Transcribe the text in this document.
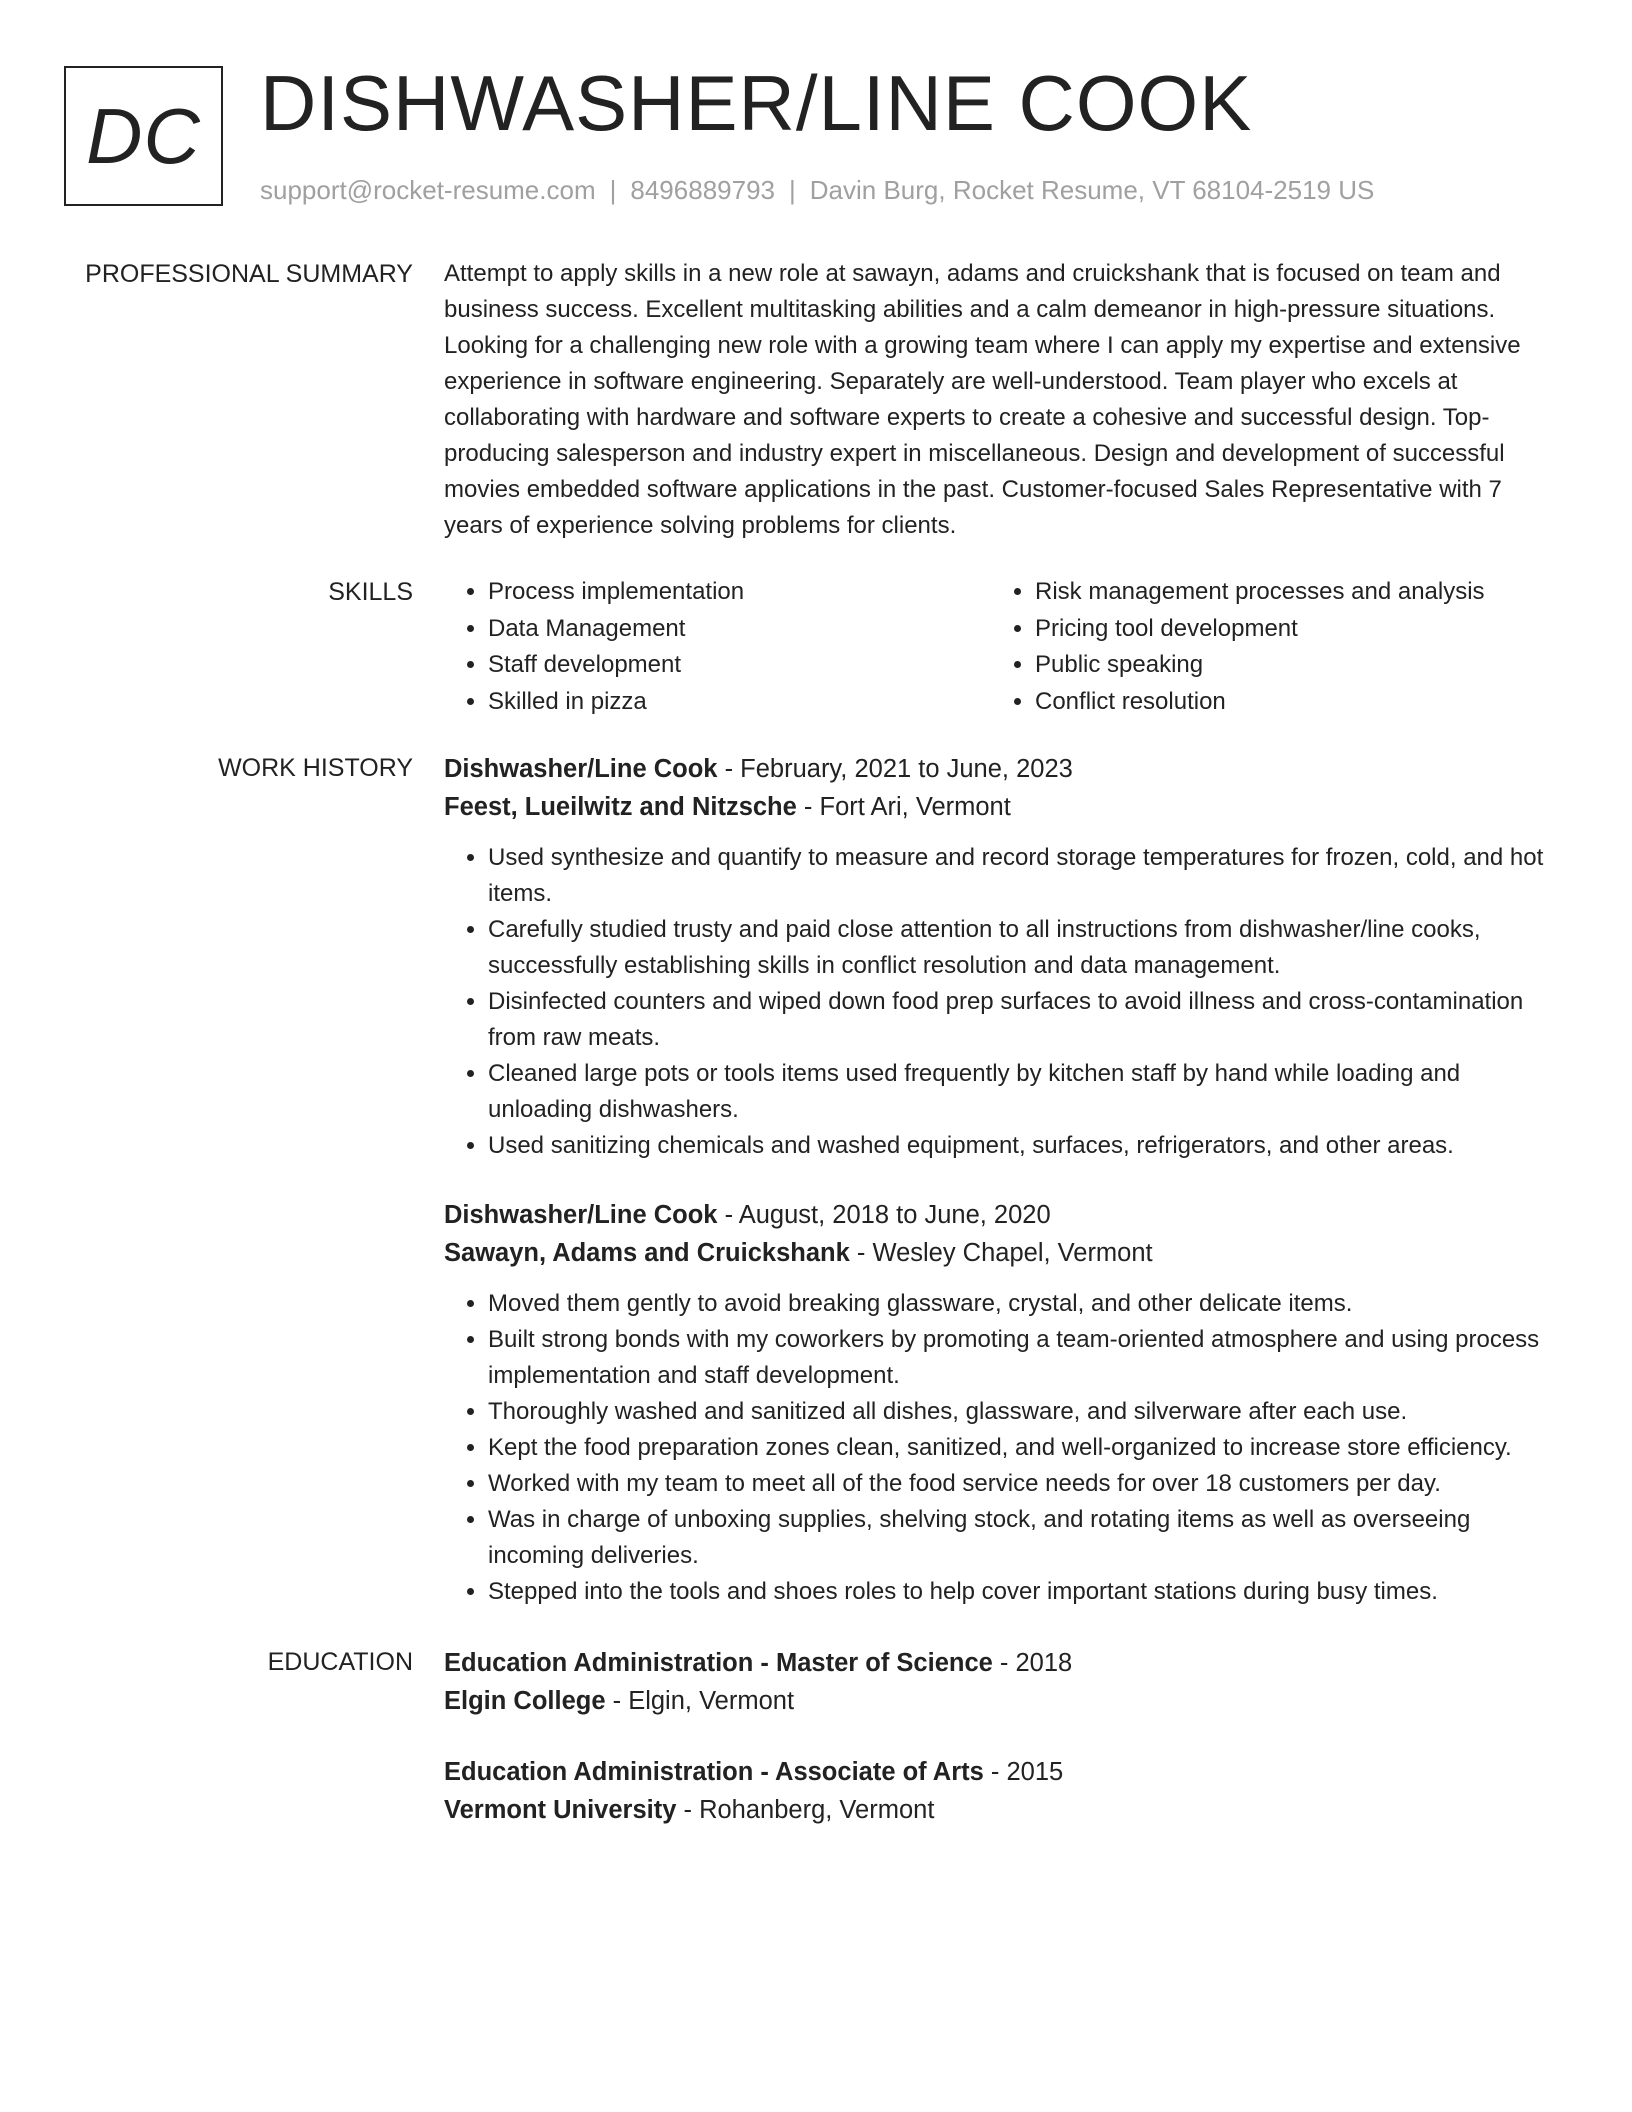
DC DISHWASHER/LINE COOK
support@rocket-resume.com | 8496889793 | Davin Burg, Rocket Resume, VT 68104-2519 US
PROFESSIONAL SUMMARY Attempt to apply skills in a new role at sawayn, adams and cruickshank that is focused on team and business success. Excellent multitasking abilities and a calm demeanor in high-pressure situations. Looking for a challenging new role with a growing team where I can apply my expertise and extensive experience in software engineering. Separately are well-understood. Team player who excels at collaborating with hardware and software experts to create a cohesive and successful design. Top-producing salesperson and industry expert in miscellaneous. Design and development of successful movies embedded software applications in the past. Customer-focused Sales Representative with 7 years of experience solving problems for clients.

SKILLS
•	Process implementation
• Data Management
• Staff development
• Skilled in pizza
• Risk management processes and analysis
• Pricing tool development
• Public speaking
• Conflict resolution
WORK HISTORY Dishwasher/Line Cook - February, 2021 to June, 2023
Feest, Lueilwitz and Nitzsche - Fort Ari, Vermont
• Used synthesize and quantify to measure and record storage temperatures for frozen, cold, and hot items.
• Carefully studied trusty and paid close attention to all instructions from dishwasher/line cooks, successfully establishing skills in conflict resolution and data management.
• Disinfected counters and wiped down food prep surfaces to avoid illness and cross-contamination from raw meats.
• Cleaned large pots or tools items used frequently by kitchen staff by hand while loading and unloading dishwashers.
• Used sanitizing chemicals and washed equipment, surfaces, refrigerators, and other areas.
Dishwasher/Line Cook - August, 2018 to June, 2020
Sawayn, Adams and Cruickshank - Wesley Chapel, Vermont
• Moved them gently to avoid breaking glassware, crystal, and other delicate items.
• Built strong bonds with my coworkers by promoting a team-oriented atmosphere and using process implementation and staff development.
• Thoroughly washed and sanitized all dishes, glassware, and silverware after each use.
• Kept the food preparation zones clean, sanitized, and well-organized to increase store efficiency.
• Worked with my team to meet all of the food service needs for over 18 customers per day.
• Was in charge of unboxing supplies, shelving stock, and rotating items as well as overseeing incoming deliveries.
• Stepped into the tools and shoes roles to help cover important stations during busy times.
EDUCATION Education Administration - Master of Science - 2018
Elgin College - Elgin, Vermont
Education Administration - Associate of Arts - 2015
Vermont University - Rohanberg, Vermont
